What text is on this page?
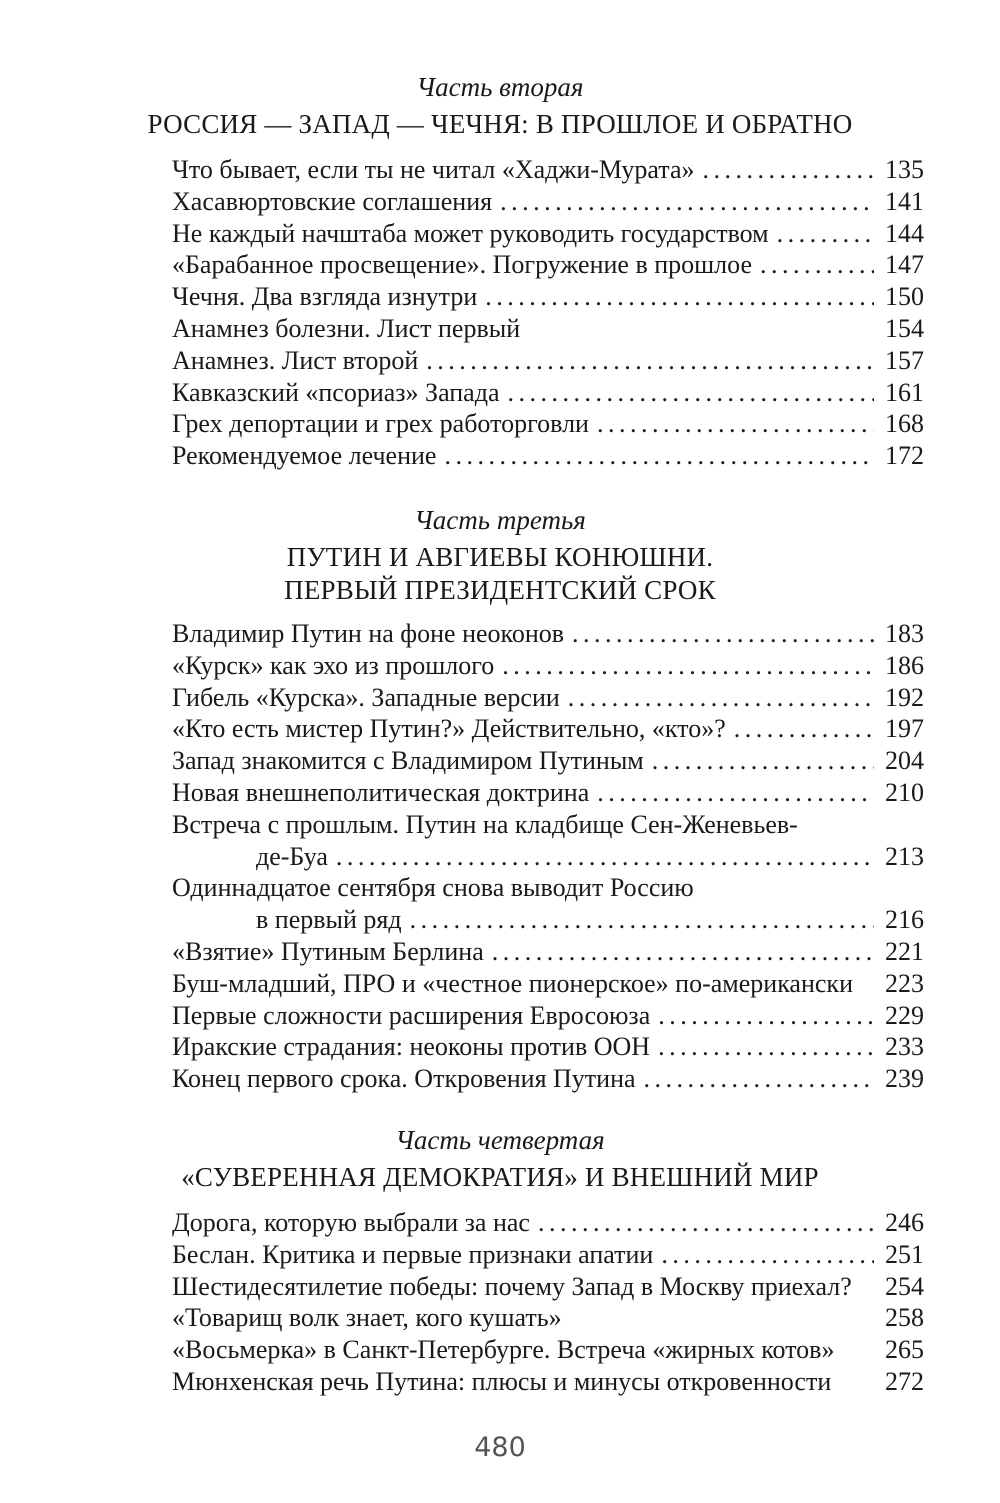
Часть вторая
РОССИЯ — ЗАПАД — ЧЕЧНЯ: В ПРОШЛОЕ И ОБРАТНО
Что бывает, если ты не читал «Хаджи-Мурата» . . .	135
Хасавюртовские соглашения . . .	141
Не каждый начштаба может руководить государством . . .	144
«Барабанное просвещение». Погружение в прошлое . . .	147
Чечня. Два взгляда изнутри . . .	150
Анамнез болезни. Лист первый	154
Анамнез. Лист второй . . .	157
Кавказский «псориаз» Запада . . .	161
Грех депортации и грех работорговли . . .	168
Рекомендуемое лечение . . .	172
Часть третья
ПУТИН И АВГИЕВЫ КОНЮШНИ.
ПЕРВЫЙ ПРЕЗИДЕНТСКИЙ СРОК
Владимир Путин на фоне неоконов . . .	183
«Курск» как эхо из прошлого . . .	186
Гибель «Курска». Западные версии . . .	192
«Кто есть мистер Путин?» Действительно, «кто»? . . .	197
Запад знакомится с Владимиром Путиным . . .	204
Новая внешнеполитическая доктрина . . .	210
Встреча с прошлым. Путин на кладбище Сен-Женевьев-
де-Буа . . .	213
Одиннадцатое сентября снова выводит Россию
в первый ряд . . .	216
«Взятие» Путиным Берлина . . .	221
Буш-младший, ПРО и «честное пионерское» по-американски 223
Первые сложности расширения Евросоюза . . .	229
Иракские страдания: неоконы против ООН . . .	233
Конец первого срока. Откровения Путина . . .	239
Часть четвертая
«СУВЕРЕННАЯ ДЕМОКРАТИЯ» И ВНЕШНИЙ МИР
Дорога, которую выбрали за нас . . .	246
Беслан. Критика и первые признаки апатии . . .	251
Шестидесятилетие победы: почему Запад в Москву приехал? 254
«Товарищ волк знает, кого кушать»	258
«Восьмерка» в Санкт-Петербурге. Встреча «жирных котов» 265
Мюнхенская речь Путина: плюсы и минусы откровенности 272
480
